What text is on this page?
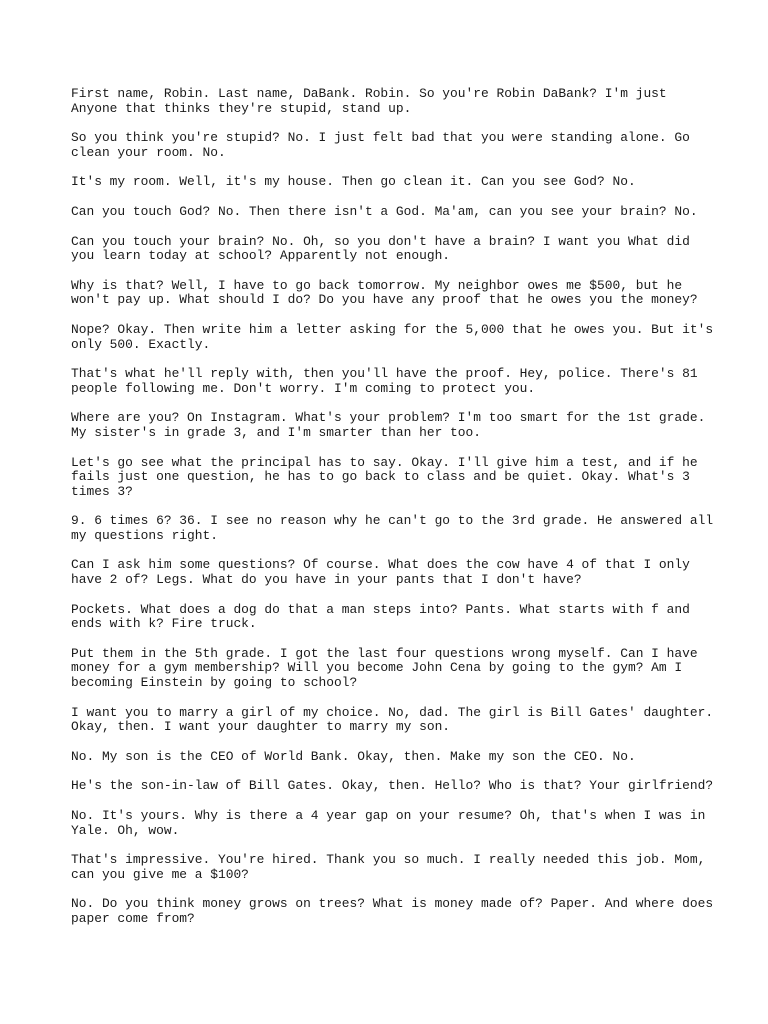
First name, Robin. Last name, DaBank. Robin. So you're Robin DaBank? I'm just
Anyone that thinks they're stupid, stand up.

So you think you're stupid? No. I just felt bad that you were standing alone. Go
clean your room. No.

It's my room. Well, it's my house. Then go clean it. Can you see God? No.

Can you touch God? No. Then there isn't a God. Ma'am, can you see your brain? No.

Can you touch your brain? No. Oh, so you don't have a brain? I want you What did
you learn today at school? Apparently not enough.

Why is that? Well, I have to go back tomorrow. My neighbor owes me $500, but he
won't pay up. What should I do? Do you have any proof that he owes you the money?

Nope? Okay. Then write him a letter asking for the 5,000 that he owes you. But it's
only 500. Exactly.

That's what he'll reply with, then you'll have the proof. Hey, police. There's 81
people following me. Don't worry. I'm coming to protect you.

Where are you? On Instagram. What's your problem? I'm too smart for the 1st grade.
My sister's in grade 3, and I'm smarter than her too.

Let's go see what the principal has to say. Okay. I'll give him a test, and if he
fails just one question, he has to go back to class and be quiet. Okay. What's 3
times 3?

9. 6 times 6? 36. I see no reason why he can't go to the 3rd grade. He answered all
my questions right.

Can I ask him some questions? Of course. What does the cow have 4 of that I only
have 2 of? Legs. What do you have in your pants that I don't have?

Pockets. What does a dog do that a man steps into? Pants. What starts with f and
ends with k? Fire truck.

Put them in the 5th grade. I got the last four questions wrong myself. Can I have
money for a gym membership? Will you become John Cena by going to the gym? Am I
becoming Einstein by going to school?

I want you to marry a girl of my choice. No, dad. The girl is Bill Gates' daughter.
Okay, then. I want your daughter to marry my son.

No. My son is the CEO of World Bank. Okay, then. Make my son the CEO. No.

He's the son-in-law of Bill Gates. Okay, then. Hello? Who is that? Your girlfriend?

No. It's yours. Why is there a 4 year gap on your resume? Oh, that's when I was in
Yale. Oh, wow.

That's impressive. You're hired. Thank you so much. I really needed this job. Mom,
can you give me a $100?

No. Do you think money grows on trees? What is money made of? Paper. And where does
paper come from?
